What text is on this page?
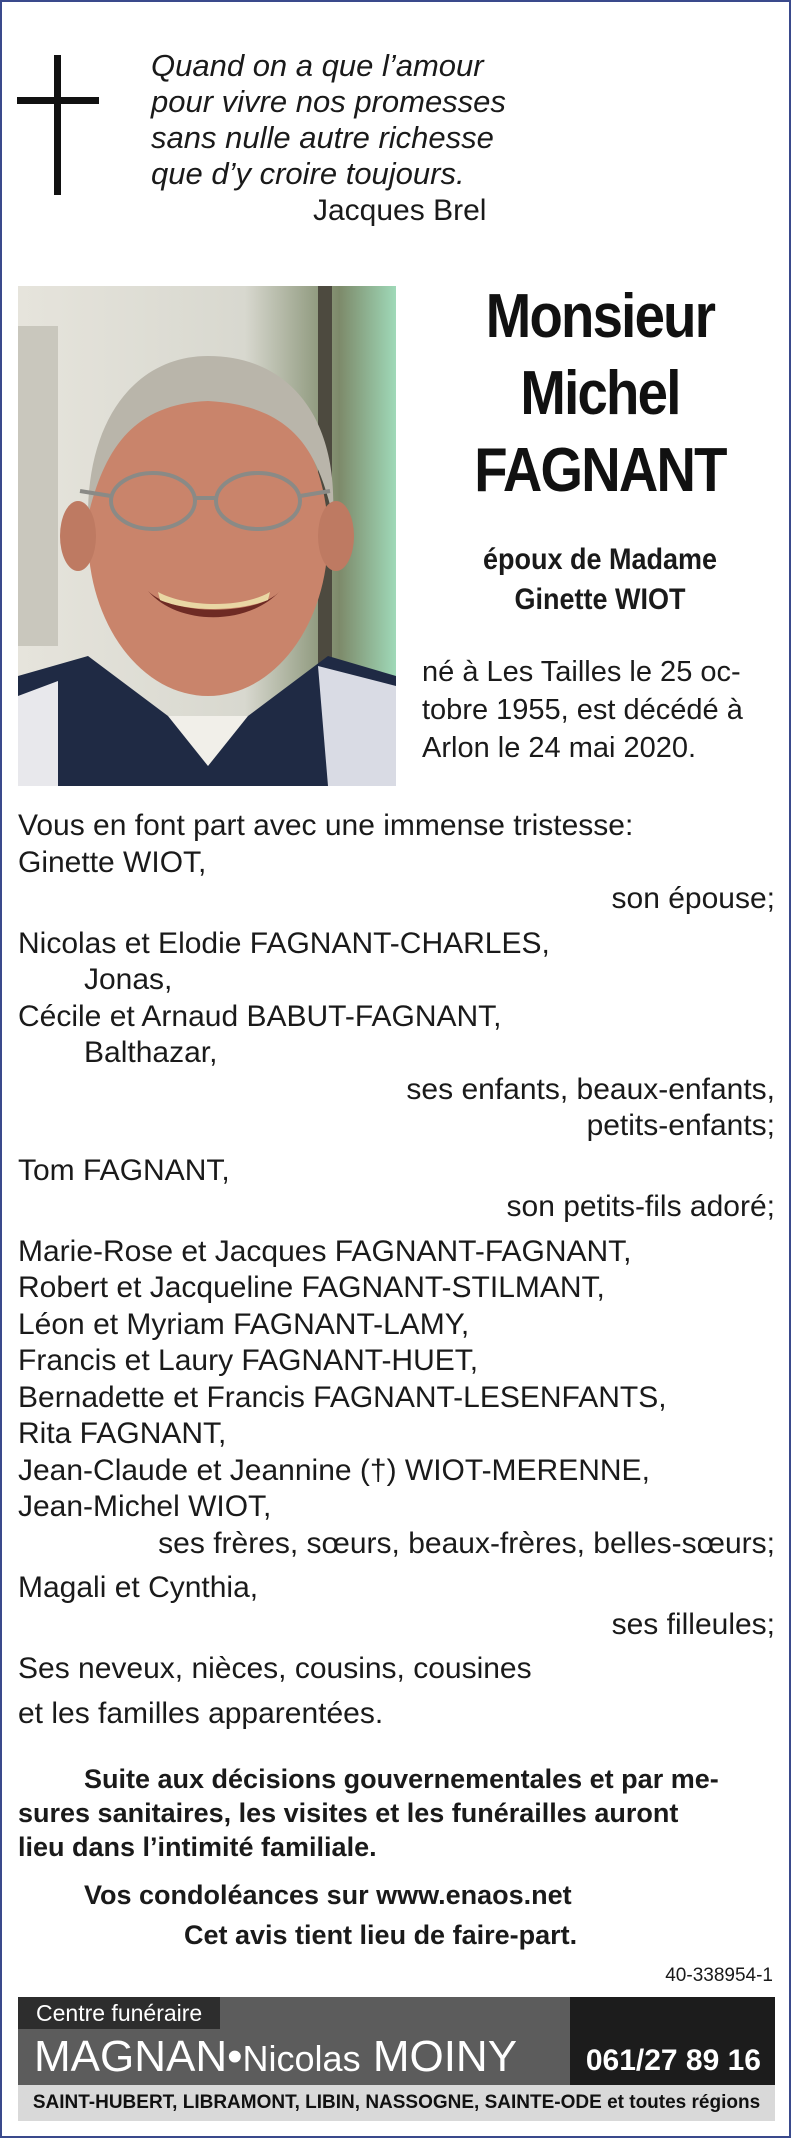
Quand on a que l’amour
pour vivre nos promesses
sans nulle autre richesse
que d’y croire toujours.
Jacques Brel
Monsieur
Michel
FAGNANT
époux de Madame
Ginette WIOT
né à Les Tailles le 25 oc-
tobre 1955, est décédé à
Arlon le 24 mai 2020.
Vous en font part avec une immense tristesse:
Ginette WIOT,
son épouse;
Nicolas et Elodie FAGNANT-CHARLES,
Jonas,
Cécile et Arnaud BABUT-FAGNANT,
Balthazar,
ses enfants, beaux-enfants,
petits-enfants;
Tom FAGNANT,
son petits-fils adoré;
Marie-Rose et Jacques FAGNANT-FAGNANT,
Robert et Jacqueline FAGNANT-STILMANT,
Léon et Myriam FAGNANT-LAMY,
Francis et Laury FAGNANT-HUET,
Bernadette et Francis FAGNANT-LESENFANTS,
Rita FAGNANT,
Jean-Claude et Jeannine (†) WIOT-MERENNE,
Jean-Michel WIOT,
ses frères, sœurs, beaux-frères, belles-sœurs;
Magali et Cynthia,
ses filleules;
Ses neveux, nièces, cousins, cousines
et les familles apparentées.
Suite aux décisions gouvernementales et par me-
sures sanitaires, les visites et les funérailles auront
lieu dans l’intimité familiale.
Vos condoléances sur www.enaos.net
Cet avis tient lieu de faire-part.
40-338954-1
Centre funéraire
MAGNAN•Nicolas MOINY 061/27 89 16
SAINT-HUBERT, LIBRAMONT, LIBIN, NASSOGNE, SAINTE-ODE et toutes régions
